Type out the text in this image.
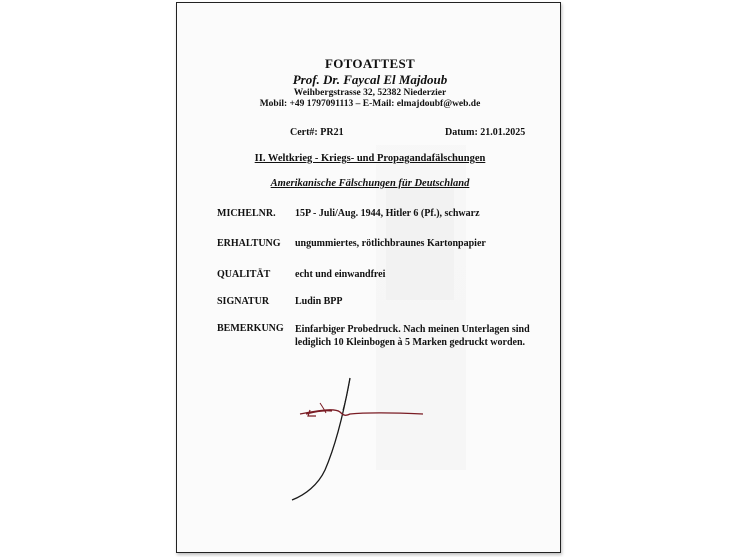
FOTOATTEST
Prof. Dr. Faycal El Majdoub
Weihbergstrasse 32, 52382 Niederzier
Mobil: +49 1797091113 – E-Mail: elmajdoubf@web.de
Cert#: PR21	Datum: 21.01.2025
II. Weltkrieg - Kriegs- und Propagandafälschungen
Amerikanische Fälschungen für Deutschland
MICHELNR. 15P - Juli/Aug. 1944, Hitler 6 (Pf.), schwarz
ERHALTUNG ungummiertes, rötlichbraunes Kartonpapier
QUALITÄT echt und einwandfrei
SIGNATUR	Ludin BPP
BEMERKUNG Einfarbiger Probedruck. Nach meinen Unterlagen sind lediglich 10 Kleinbogen à 5 Marken gedruckt worden.
